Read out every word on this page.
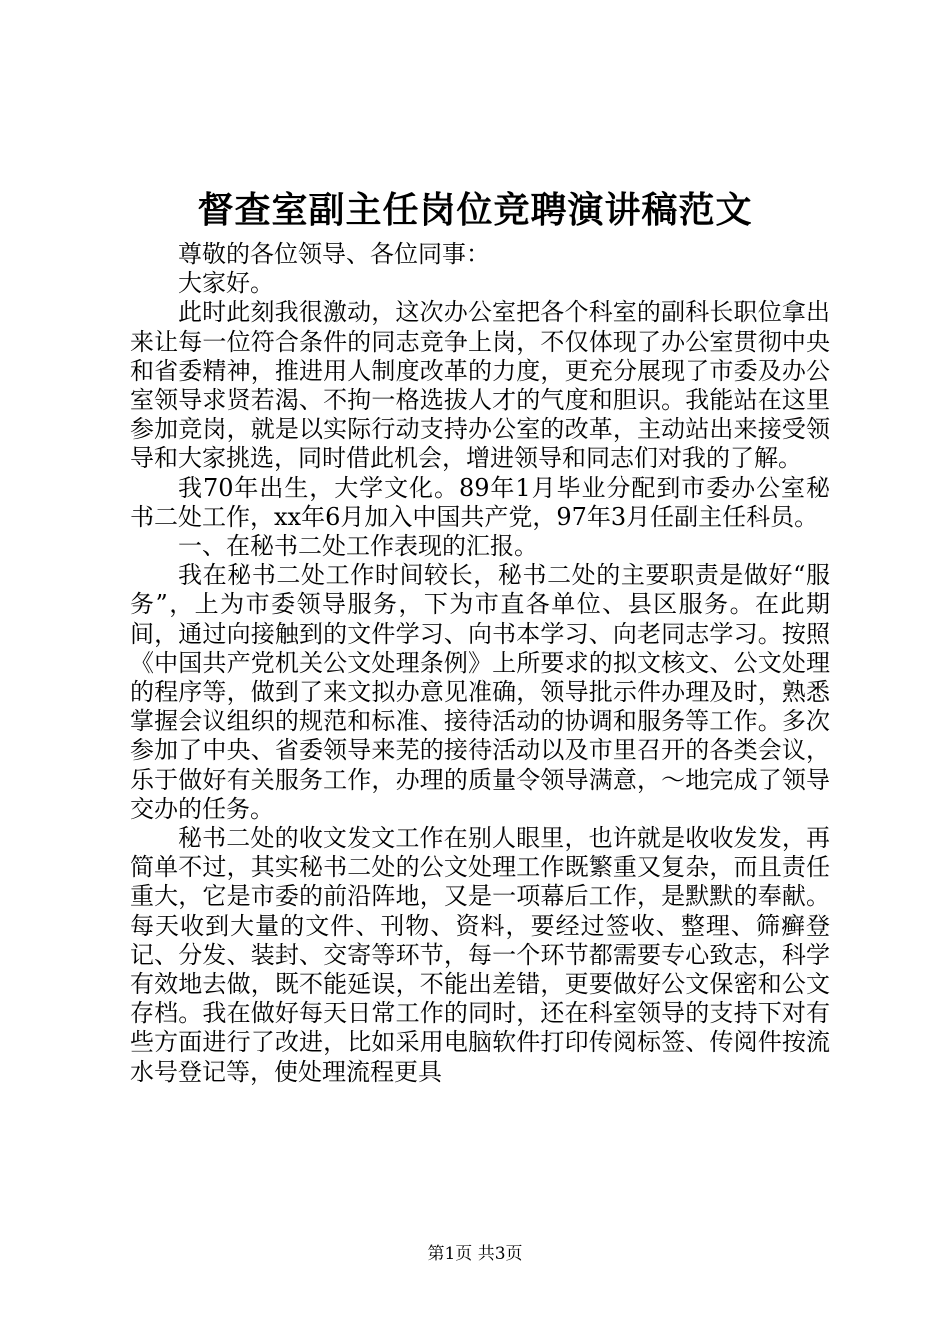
督查室副主任岗位竞聘演讲稿范文

尊敬的各位领导、各位同事：

大家好。

此时此刻我很激动，这次办公室把各个科室的副科长职位拿出来让每一位符合条件的同志竞争上岗，不仅体现了办公室贯彻中央和省委精神，推进用人制度改革的力度，更充分展现了市委及办公室领导求贤若渴、不拘一格选拔人才的气度和胆识。我能站在这里参加竞岗，就是以实际行动支持办公室的改革，主动站出来接受领导和大家挑选，同时借此机会，增进领导和同志们对我的了解。

我70年出生，大学文化。89年1月毕业分配到市委办公室秘书二处工作，xx年6月加入中国共产党，97年3月任副主任科员。

一、在秘书二处工作表现的汇报。

我在秘书二处工作时间较长，秘书二处的主要职责是做好“服务”，上为市委领导服务，下为市直各单位、县区服务。在此期间，通过向接触到的文件学习、向书本学习、向老同志学习。按照《中国共产党机关公文处理条例》上所要求的拟文核文、公文处理的程序等，做到了来文拟办意见准确，领导批示件办理及时，熟悉掌握会议组织的规范和标准、接待活动的协调和服务等工作。多次参加了中央、省委领导来芜的接待活动以及市里召开的各类会议，乐于做好有关服务工作，办理的质量令领导满意，～地完成了领导交办的任务。

秘书二处的收文发文工作在别人眼里，也许就是收收发发，再简单不过，其实秘书二处的公文处理工作既繁重又复杂，而且责任重大，它是市委的前沿阵地，又是一项幕后工作，是默默的奉献。每天收到大量的文件、刊物、资料，要经过签收、整理、筛癣登记、分发、装封、交寄等环节，每一个环节都需要专心致志，科学有效地去做，既不能延误，不能出差错，更要做好公文保密和公文存档。我在做好每天日常工作的同时，还在科室领导的支持下对有些方面进行了改进，比如采用电脑软件打印传阅标签、传阅件按流水号登记等，使处理流程更具

第1页 共3页
